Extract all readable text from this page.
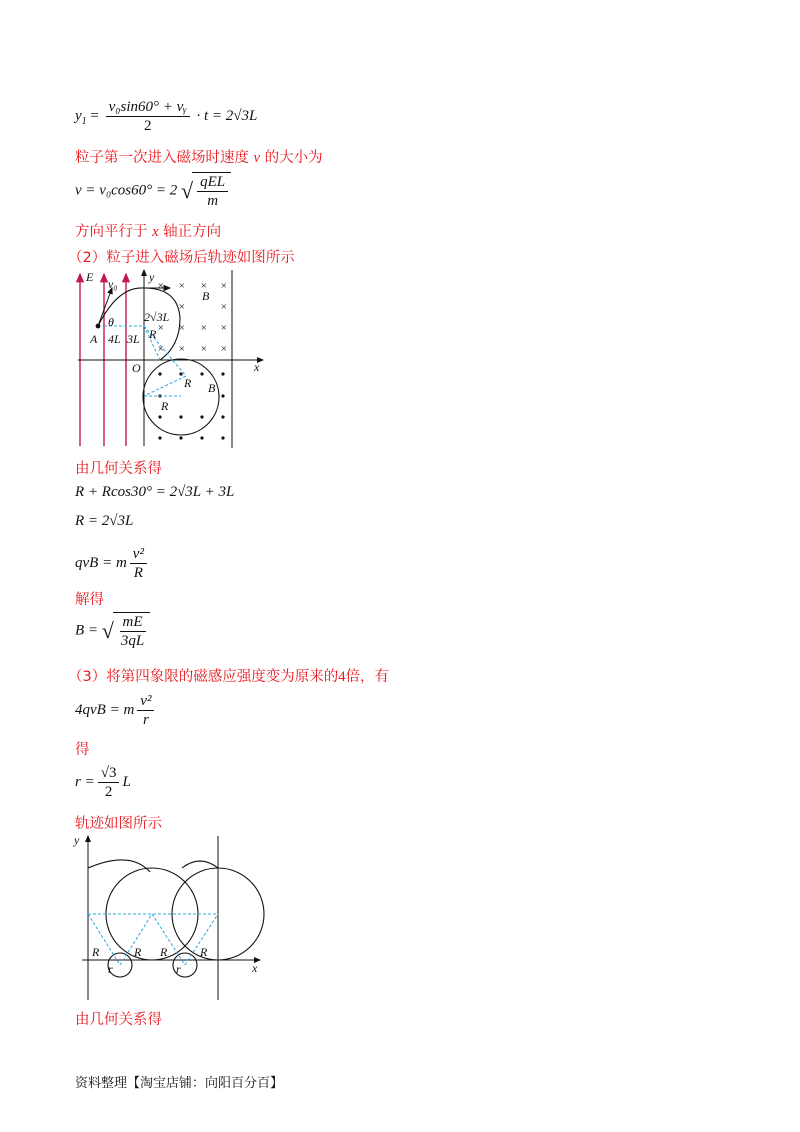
$y_1 = \frac{\text{v₀sin60° + vᵧ}}{2} \cdot t = 2√3L$
粒子第一次进入磁场时速度 v 的大小为
v = v₀cos60° = 2 √ $\frac{\text{qEL}}{m}$
方向平行于 x 轴正方向
（2）粒子进入磁场后轨迹如图所示
× × × ×
×	×
× × × ×
× × × ×
E v₀	y
B
2√3L
θ
A 4L 3L R
O	x
R B
R
由几何关系得
R + Rcos30° = 2√3L + 3L
R = 2√3L
qvB = m $\frac{\text{v²}}{R}$
解得
B = √ $\frac{mE}{3qL}$
（3）将第四象限的磁感应强度变为原来的4倍，有
4qvB = m $\frac{\text{v²}}{r}$
得
$r = \frac{√3}{2}$ L
轨迹如图所示
y
x
R	R R	R
r	r
由几何关系得
资料整理【淘宝店铺：向阳百分百】
